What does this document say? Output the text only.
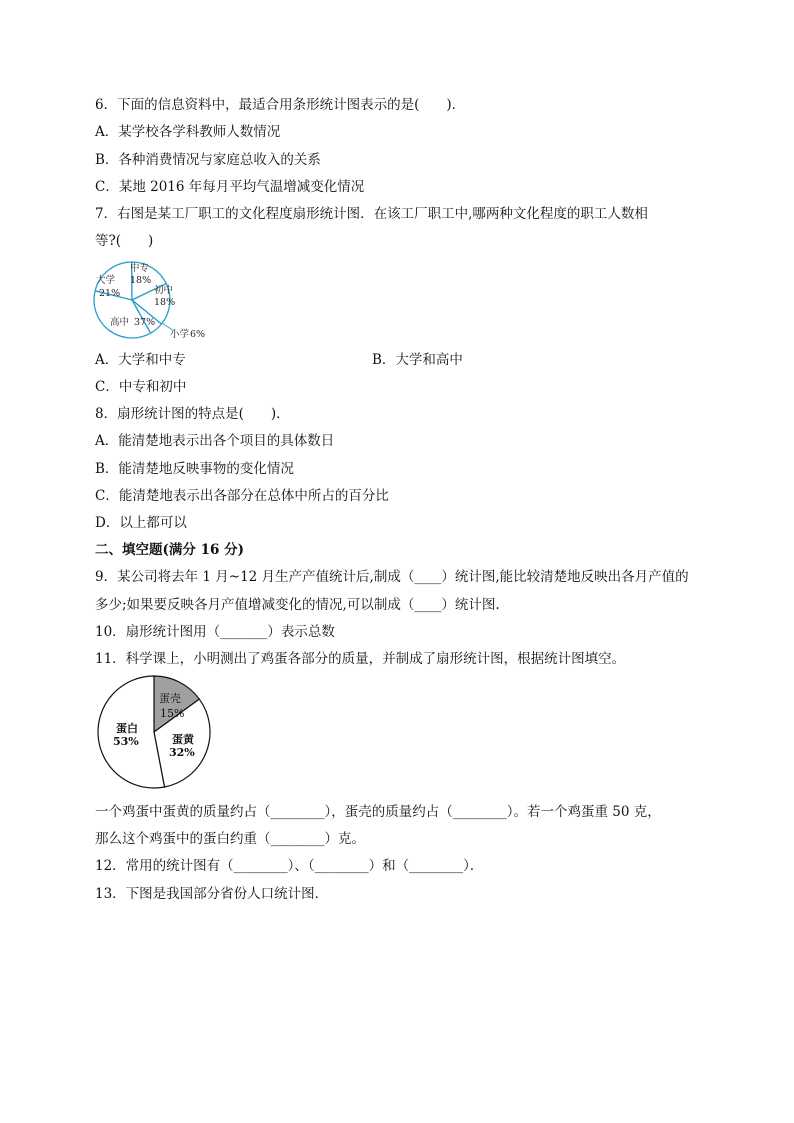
6．下面的信息资料中，最适合用条形统计图表示的是(　　)．
A．某学校各学科教师人数情况
B．各种消费情况与家庭总收入的关系
C．某地 2016 年每月平均气温增减变化情况
7．右图是某工厂职工的文化程度扇形统计图．在该工厂职工中,哪两种文化程度的职工人数相
等?(　　)
大学
21%
中专
18%
初中
18%
高中 37%
小学 6%
A．大学和中专	B．大学和高中
C．中专和初中
8．扇形统计图的特点是(　　)．
A．能清楚地表示出各个项目的具体数日
B．能清楚地反映事物的变化情况
C．能清楚地表示出各部分在总体中所占的百分比
D．以上都可以
二、填空题(满分 16 分)
9．某公司将去年 1 月~12 月生产产值统计后,制成（____）统计图,能比较清楚地反映出各月产值的
多少;如果要反映各月产值增减变化的情况,可以制成（____）统计图.
10．扇形统计图用（_______）表示总数
11．科学课上，小明测出了鸡蛋各部分的质量，并制成了扇形统计图，根据统计图填空。
蛋壳
15%
蛋白
53%	蛋黄
32%
一个鸡蛋中蛋黄的质量约占（________），蛋壳的质量约占（________）。若一个鸡蛋重 50 克，
那么这个鸡蛋中的蛋白约重（________）克。
12．常用的统计图有（________）、（________）和（________）．
13．下图是我国部分省份人口统计图．
